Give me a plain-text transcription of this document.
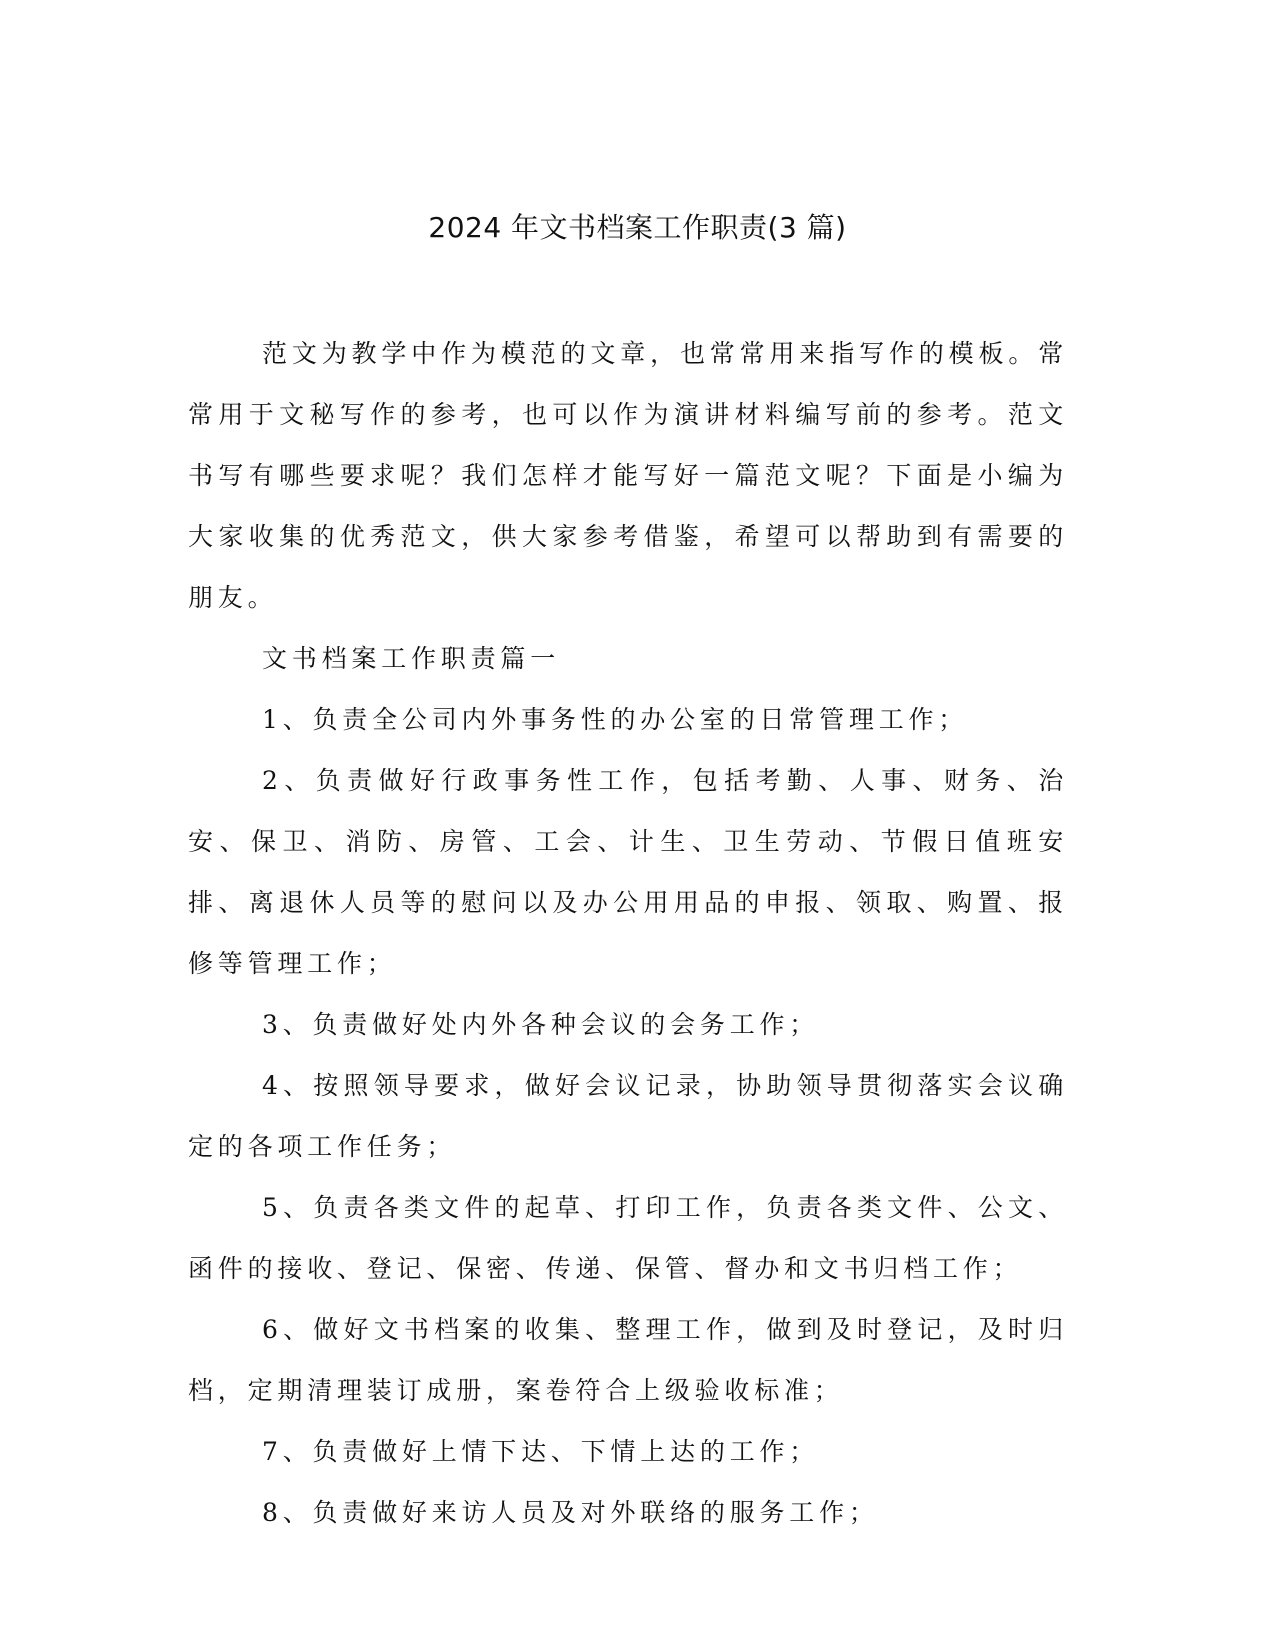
2024 年文书档案工作职责(3 篇)

范文为教学中作为模范的文章，也常常用来指写作的模板。常常用于文秘写作的参考，也可以作为演讲材料编写前的参考。范文书写有哪些要求呢？我们怎样才能写好一篇范文呢？下面是小编为大家收集的优秀范文，供大家参考借鉴，希望可以帮助到有需要的朋友。

文书档案工作职责篇一

1、负责全公司内外事务性的办公室的日常管理工作；

2、负责做好行政事务性工作，包括考勤、人事、财务、治安、保卫、消防、房管、工会、计生、卫生劳动、节假日值班安排、离退休人员等的慰问以及办公用用品的申报、领取、购置、报修等管理工作；

3、负责做好处内外各种会议的会务工作；

4、按照领导要求，做好会议记录，协助领导贯彻落实会议确定的各项工作任务；

5、负责各类文件的起草、打印工作，负责各类文件、公文、函件的接收、登记、保密、传递、保管、督办和文书归档工作；

6、做好文书档案的收集、整理工作，做到及时登记，及时归档，定期清理装订成册，案卷符合上级验收标准；

7、负责做好上情下达、下情上达的工作；

8、负责做好来访人员及对外联络的服务工作；
